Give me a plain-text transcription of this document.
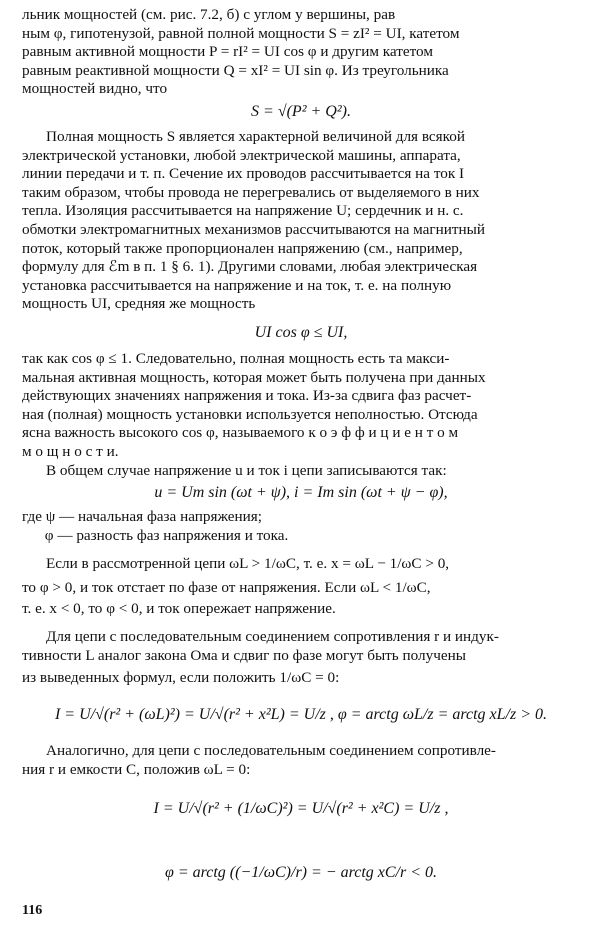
льник мощностей (см. рис. 7.2, б) с углом у вершины, рав
ным φ, гипотенузой, равной полной мощности S = zI² = UI, катетом
равным активной мощности P = rI² = UI cos φ и другим катетом
равным реактивной мощности Q = xI² = UI sin φ. Из треугольника
мощностей видно, что
S = √(P² + Q²).
Полная мощность S является характерной величиной для всякой
электрической установки, любой электрической машины, аппарата,
линии передачи и т. п. Сечение их проводов рассчитывается на ток I
таким образом, чтобы провода не перегревались от выделяемого в них
тепла. Изоляция рассчитывается на напряжение U; сердечник и н. с.
обмотки электромагнитных механизмов рассчитываются на магнитный
поток, который также пропорционален напряжению (см., например,
формулу для ℰm в п. 1 § 6. 1). Другими словами, любая электрическая
установка рассчитывается на напряжение и на ток, т. е. на полную
мощность UI, средняя же мощность
UI cos φ ≤ UI,
так как cos φ ≤ 1. Следовательно, полная мощность есть та макси-
мальная активная мощность, которая может быть получена при данных
действующих значениях напряжения и тока. Из-за сдвига фаз расчет-
ная (полная) мощность установки используется неполностью. Отсюда
ясна важность высокого cos φ, называемого к о э ф ф и ц и е н т о м
м о щ н о с т и.
В общем случае напряжение u и ток i цепи записываются так:
u = Um sin (ωt + ψ), i = Im sin (ωt + ψ − φ),
где ψ — начальная фаза напряжения;
φ — разность фаз напряжения и тока.
Если в рассмотренной цепи ωL > 1/ωC, т. е. x = ωL − 1/ωC > 0,
то φ > 0, и ток отстает по фазе от напряжения. Если ωL < 1/ωC,
т. е. x < 0, то φ < 0, и ток опережает напряжение.
Для цепи с последовательным соединением сопротивления r и индук-
тивности L аналог закона Ома и сдвиг по фазе могут быть получены
из выведенных формул, если положить 1/ωC = 0:
I = U/√(r² + (ωL)²) = U/√(r² + x²L) = U/z , φ = arctg ωL/z = arctg xL/z > 0.
Аналогично, для цепи с последовательным соединением сопротивле-
ния r и емкости C, положив ωL = 0:
I = U/√(r² + (1/ωC)²) = U/√(r² + x²C) = U/z ,
φ = arctg ((−1/ωC)/r) = − arctg xC/r < 0.
116
